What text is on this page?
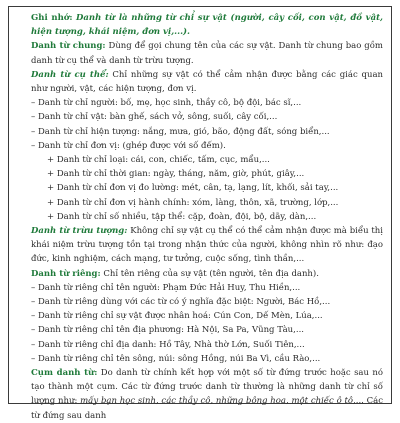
Ghi nhớ: Danh từ là những từ chỉ sự vật (người, cây cối, con vật, đồ vật, hiện tượng, khái niệm, đơn vị,...).

Danh từ chung: Dùng để gọi chung tên của các sự vật. Danh từ chung bao gồm danh từ cụ thể và danh từ trừu tượng.

Danh từ cụ thể: Chỉ những sự vật có thể cảm nhận được bằng các giác quan như người, vật, các hiện tượng, đơn vị.

– Danh từ chỉ người: bố, mẹ, học sinh, thầy cô, bộ đội, bác sĩ,...

– Danh từ chỉ vật: bàn ghế, sách vở, sông, suối, cây cối,...

– Danh từ chỉ hiện tượng: nắng, mưa, gió, bão, động đất, sóng biển,...

– Danh từ chỉ đơn vị: (ghép được với số đếm).

+ Danh từ chỉ loại: cái, con, chiếc, tấm, cục, mẩu,...

+ Danh từ chỉ thời gian: ngày, tháng, năm, giờ, phút, giây,...

+ Danh từ chỉ đơn vị đo lường: mét, cân, tạ, lạng, lít, khối, sải tay,...

+ Danh từ chỉ đơn vị hành chính: xóm, làng, thôn, xã, trường, lớp,...

+ Danh từ chỉ số nhiều, tập thể: cặp, đoàn, đội, bộ, dãy, dàn,...

Danh từ trừu tượng: Không chỉ sự vật cụ thể có thể cảm nhận được mà biểu thị khái niệm trừu tượng tồn tại trong nhận thức của người, không nhìn rõ như: đạo đức, kinh nghiệm, cách mạng, tư tưởng, cuộc sống, tình thần,...

Danh từ riêng: Chỉ tên riêng của sự vật (tên người, tên địa danh).

– Danh từ riêng chỉ tên người: Phạm Đức Hải Huy, Thu Hiền,...

– Danh từ riêng dùng với các từ có ý nghĩa đặc biệt: Người, Bác Hồ,...

– Danh từ riêng chỉ sự vật được nhân hoá: Cún Con, Dế Mèn, Lúa,...

– Danh từ riêng chỉ tên địa phương: Hà Nội, Sa Pa, Vũng Tàu,...

– Danh từ riêng chỉ địa danh: Hồ Tây, Nhà thờ Lớn, Suối Tiên,...

– Danh từ riêng chỉ tên sông, núi: sông Hồng, núi Ba Vì, cầu Rào,...

Cụm danh từ: Do danh từ chính kết hợp với một số từ đứng trước hoặc sau nó tạo thành một cụm. Các từ đứng trước danh từ thường là những danh từ chỉ số lượng như: mấy bạn học sinh, các thầy cô, những bông hoa, một chiếc ô tô,... Các từ đứng sau danh
